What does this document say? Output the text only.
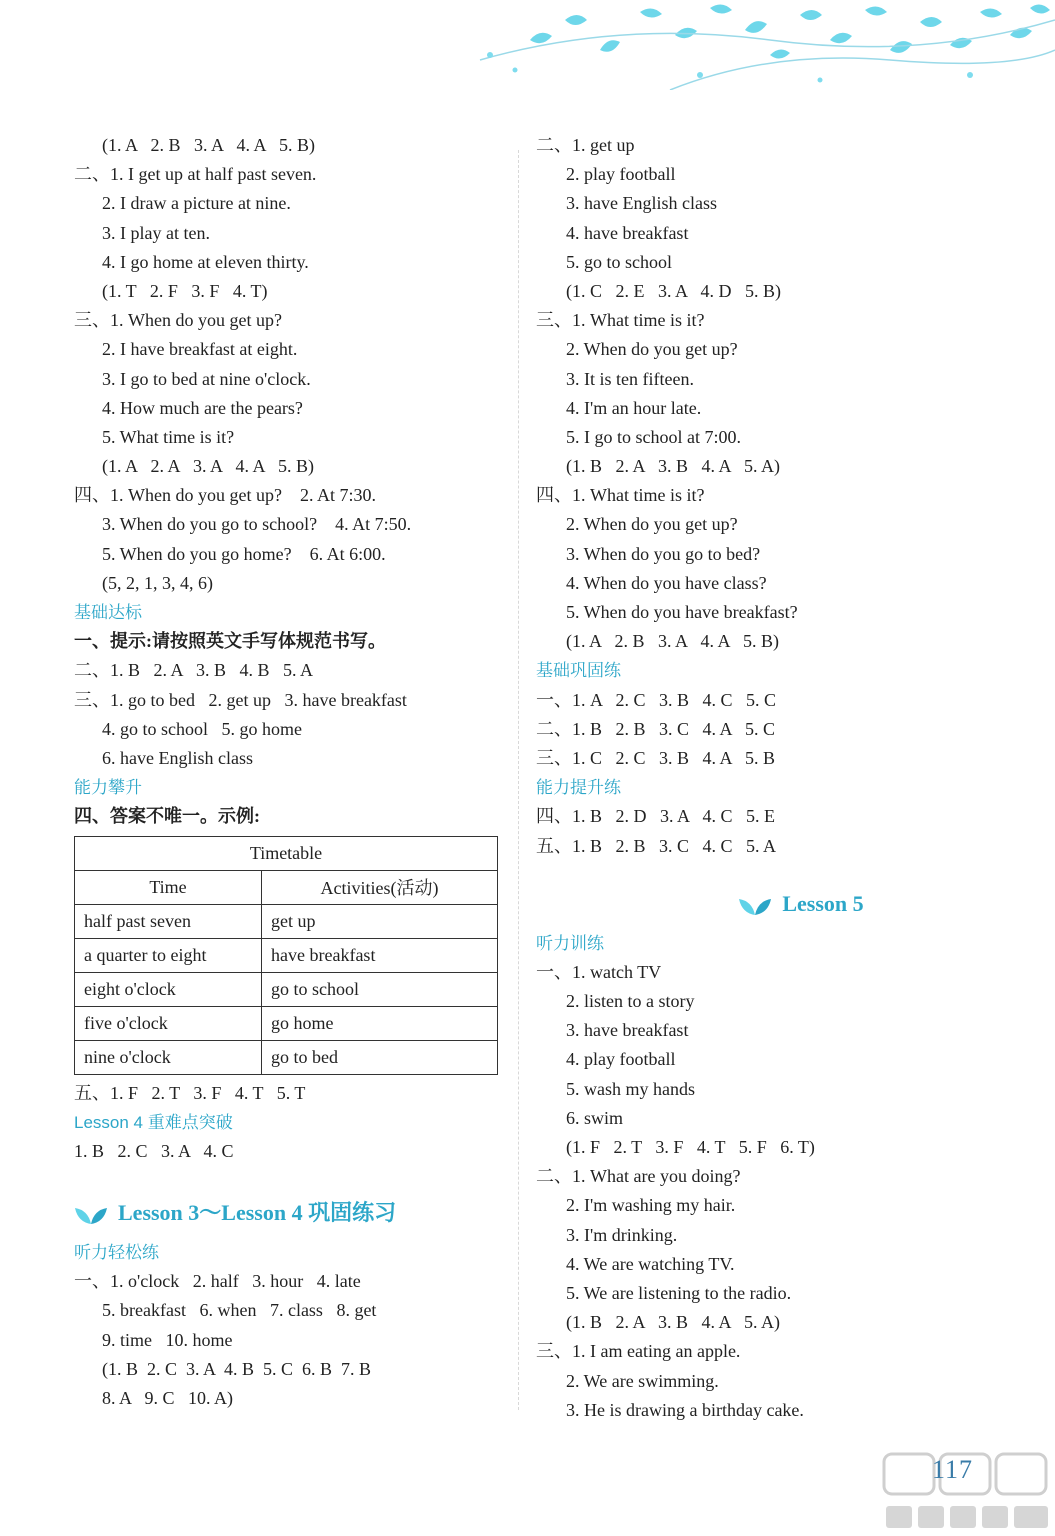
(1. A   2. B   3. A   4. A   5. B)
二、1. I get up at half past seven.
2. I draw a picture at nine.
3. I play at ten.
4. I go home at eleven thirty.
(1. T   2. F   3. F   4. T)
三、1. When do you get up?
2. I have breakfast at eight.
3. I go to bed at nine o'clock.
4. How much are the pears?
5. What time is it?
(1. A   2. A   3. A   4. A   5. B)
四、1. When do you get up?    2. At 7:30.
3. When do you go to school?    4. At 7:50.
5. When do you go home?    6. At 6:00.
(5, 2, 1, 3, 4, 6)
基础达标
一、提示:请按照英文手写体规范书写。
二、1. B   2. A   3. B   4. B   5. A
三、1. go to bed   2. get up   3. have breakfast
4. go to school   5. go home
6. have English class
能力攀升
四、答案不唯一。示例:
Timetable	
Time	Activities(活动)
half past seven	get up
a quarter to eight	have breakfast
eight o'clock	go to school
five o'clock	go home
nine o'clock	go to bed
五、1. F   2. T   3. F   4. T   5. T
Lesson 4 重难点突破
1. B   2. C   3. A   4. C
Lesson 3～Lesson 4 巩固练习
听力轻松练
一、1. o'clock   2. half   3. hour   4. late
5. breakfast   6. when   7. class   8. get
9. time   10. home
(1. B  2. C  3. A  4. B  5. C  6. B  7. B
8. A   9. C   10. A)
二、1. get up
2. play football
3. have English class
4. have breakfast
5. go to school
(1. C   2. E   3. A   4. D   5. B)
三、1. What time is it?
2. When do you get up?
3. It is ten fifteen.
4. I'm an hour late.
5. I go to school at 7:00.
(1. B   2. A   3. B   4. A   5. A)
四、1. What time is it?
2. When do you get up?
3. When do you go to bed?
4. When do you have class?
5. When do you have breakfast?
(1. A   2. B   3. A   4. A   5. B)
基础巩固练
一、1. A   2. C   3. B   4. C   5. C
二、1. B   2. B   3. C   4. A   5. C
三、1. C   2. C   3. B   4. A   5. B
能力提升练
四、1. B   2. D   3. A   4. C   5. E
五、1. B   2. B   3. C   4. C   5. A
Lesson 5
听力训练
一、1. watch TV
2. listen to a story
3. have breakfast
4. play football
5. wash my hands
6. swim
(1. F   2. T   3. F   4. T   5. F   6. T)
二、1. What are you doing?
2. I'm washing my hair.
3. I'm drinking.
4. We are watching TV.
5. We are listening to the radio.
(1. B   2. A   3. B   4. A   5. A)
三、1. I am eating an apple.
2. We are swimming.
3. He is drawing a birthday cake.
117
